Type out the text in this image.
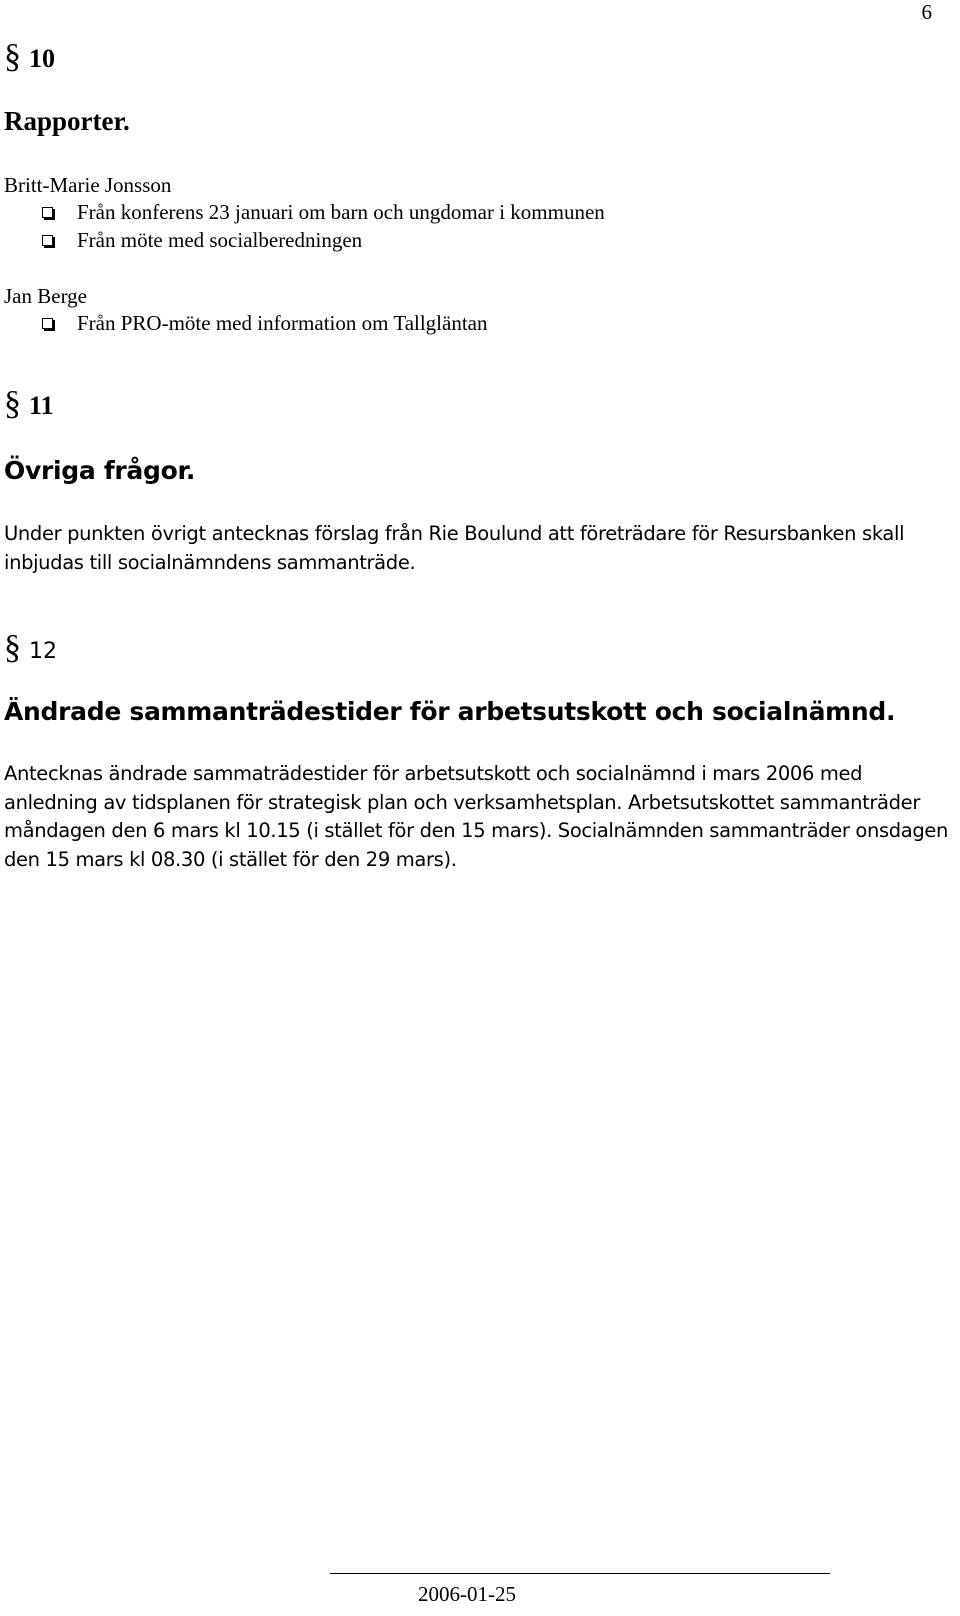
6
§ 10
Rapporter.
Britt-Marie Jonsson
Från konferens 23 januari om barn och ungdomar i kommunen
Från möte med socialberedningen
Jan Berge
Från PRO-möte med information om Tallgläntan
§ 11
Övriga frågor.
Under punkten övrigt antecknas förslag från Rie Boulund att företrädare för Resursbanken skall
inbjudas till socialnämndens sammanträde.
§ 12
Ändrade sammanträdestider för arbetsutskott och socialnämnd.
Antecknas ändrade sammaträdestider för arbetsutskott och socialnämnd i mars 2006 med
anledning av tidsplanen för strategisk plan och verksamhetsplan. Arbetsutskottet sammanträder
måndagen den 6 mars kl 10.15 (i stället för den 15 mars). Socialnämnden sammanträder onsdagen
den 15 mars kl 08.30 (i stället för den 29 mars).
2006-01-25
